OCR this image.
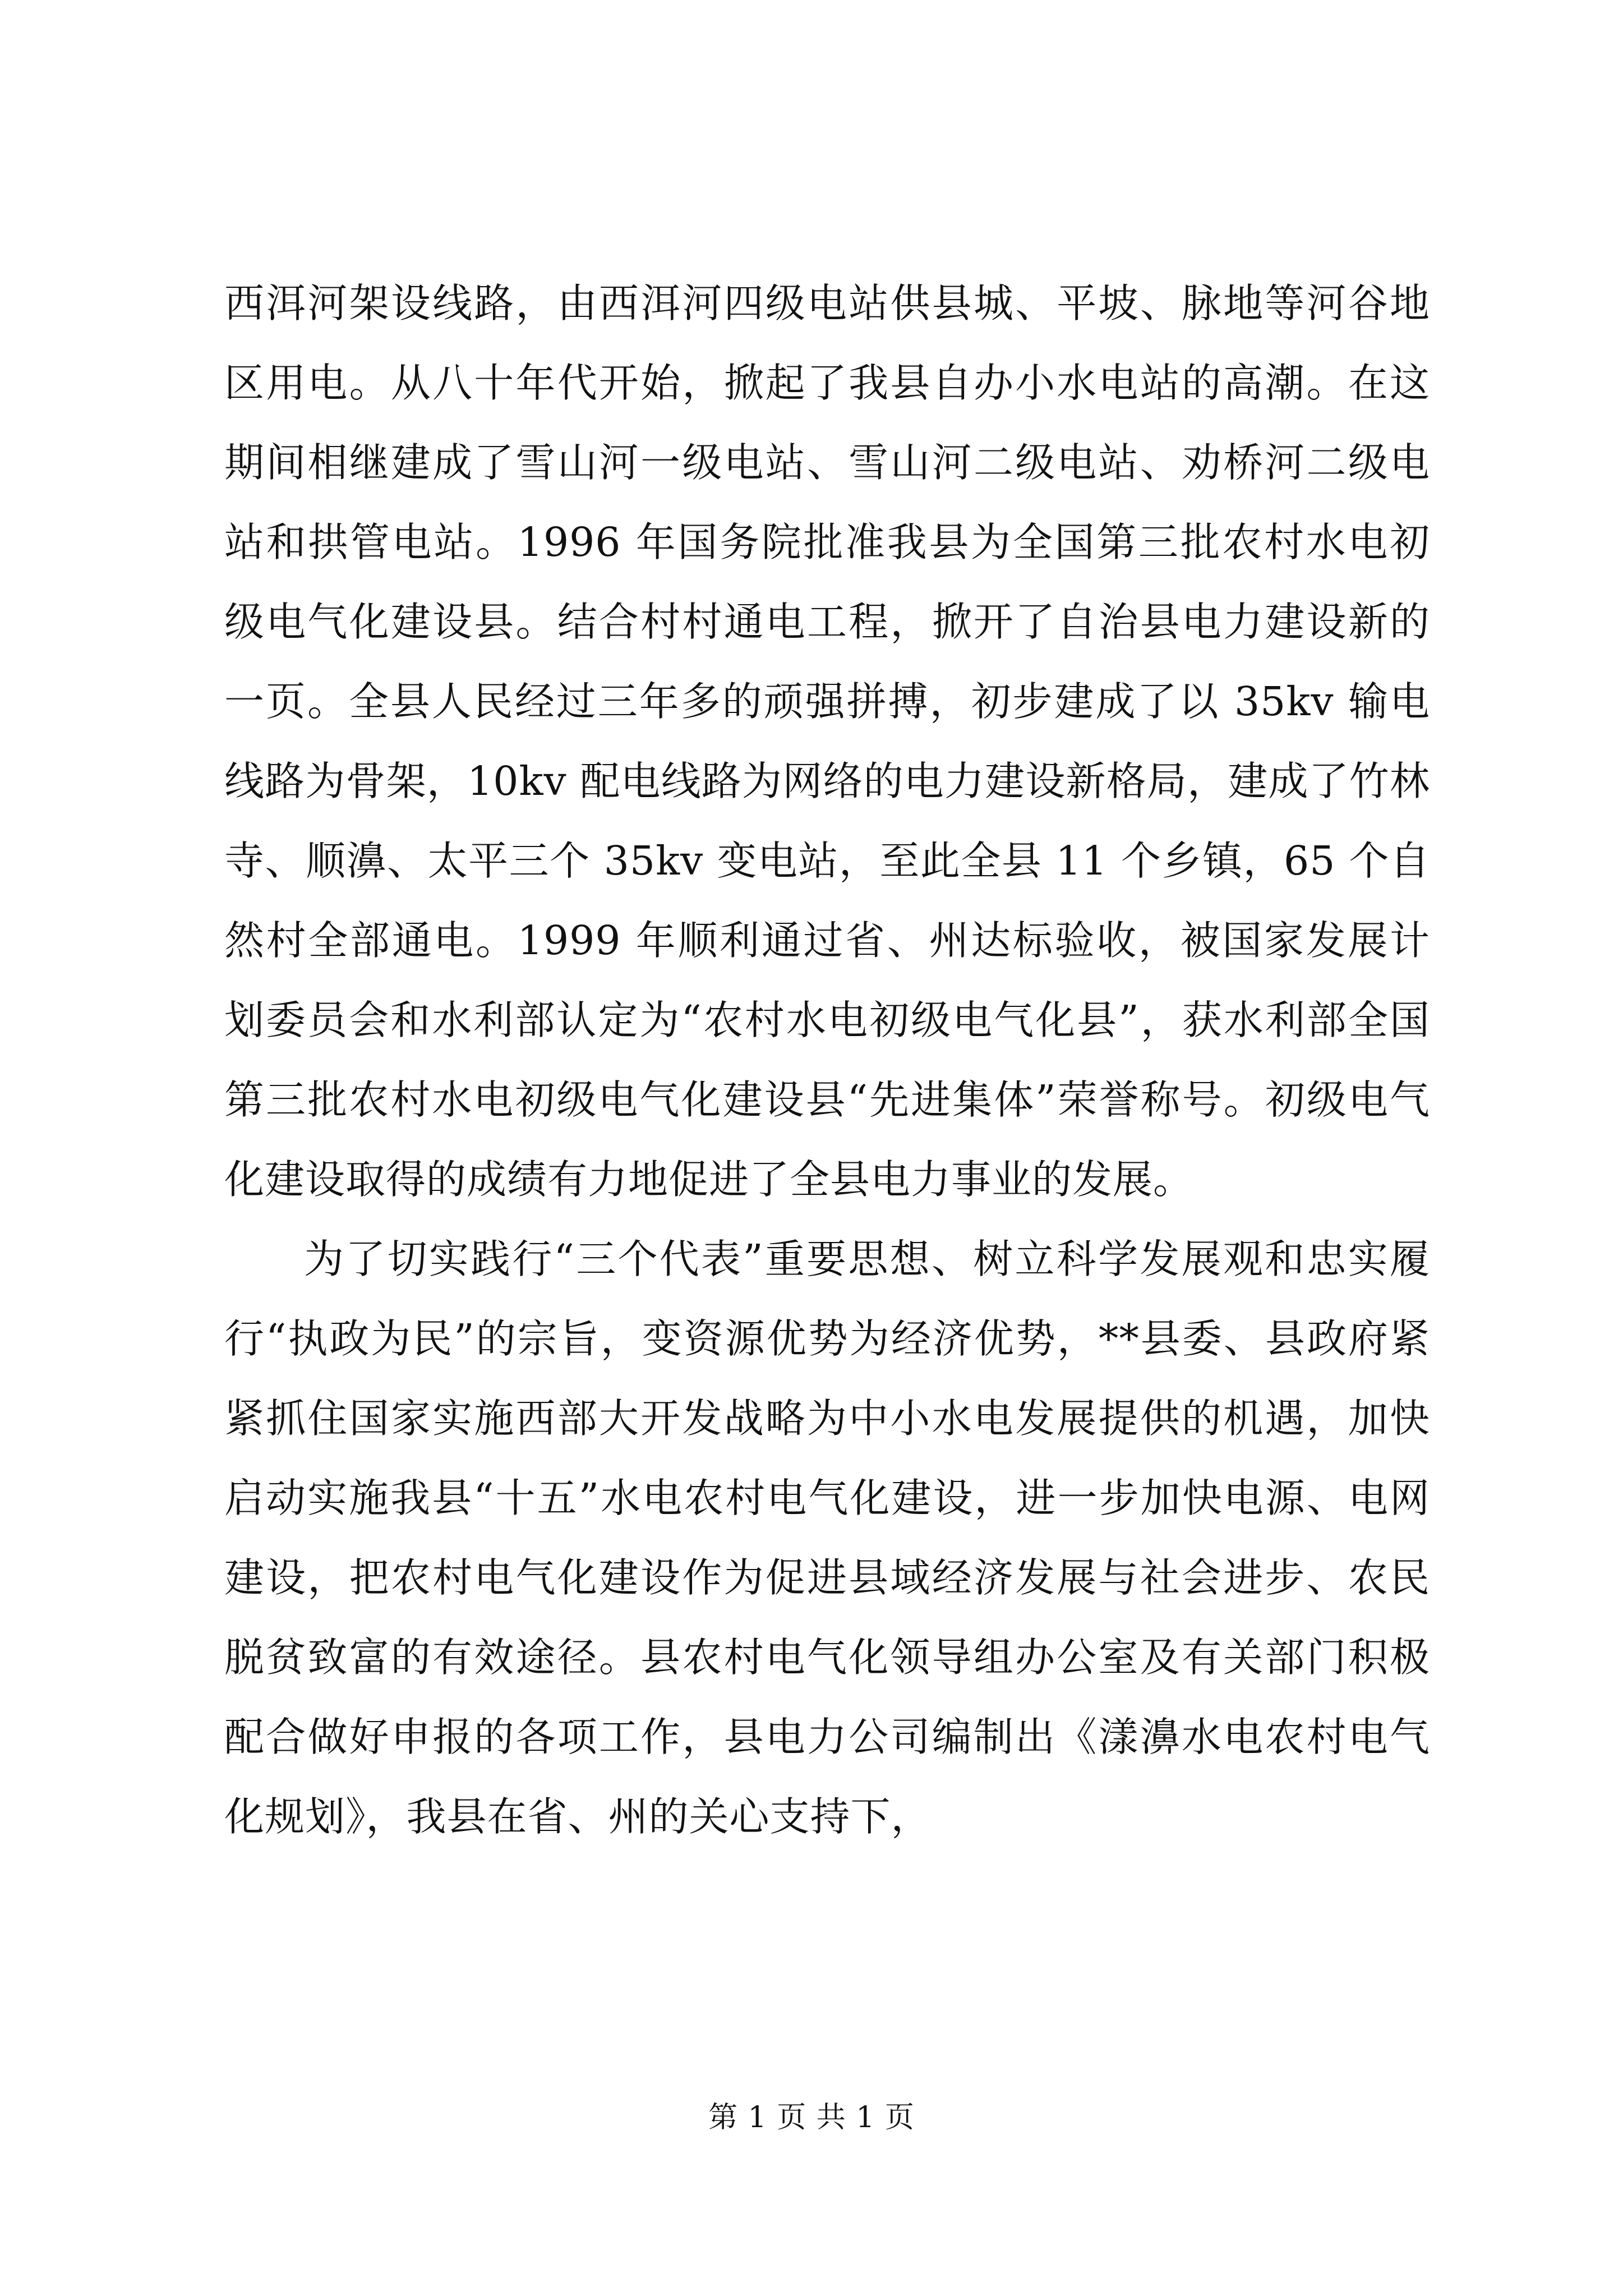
西洱河架设线路，由西洱河四级电站供县城、平坡、脉地等河谷地区用电。从八十年代开始，掀起了我县自办小水电站的高潮。在这期间相继建成了雪山河一级电站、雪山河二级电站、劝桥河二级电站和拱管电站。1996 年国务院批准我县为全国第三批农村水电初级电气化建设县。结合村村通电工程，掀开了自治县电力建设新的一页。全县人民经过三年多的顽强拼搏，初步建成了以 35kv 输电线路为骨架，10kv 配电线路为网络的电力建设新格局，建成了竹林寺、顺濞、太平三个 35kv 变电站，至此全县 11 个乡镇，65 个自然村全部通电。1999 年顺利通过省、州达标验收，被国家发展计划委员会和水利部认定为“农村水电初级电气化县”，获水利部全国第三批农村水电初级电气化建设县“先进集体”荣誉称号。初级电气化建设取得的成绩有力地促进了全县电力事业的发展。

为了切实践行“三个代表”重要思想、树立科学发展观和忠实履行“执政为民”的宗旨，变资源优势为经济优势，**县委、县政府紧紧抓住国家实施西部大开发战略为中小水电发展提供的机遇，加快启动实施我县“十五”水电农村电气化建设，进一步加快电源、电网建设，把农村电气化建设作为促进县域经济发展与社会进步、农民脱贫致富的有效途径。县农村电气化领导组办公室及有关部门积极配合做好申报的各项工作，县电力公司编制出《漾濞水电农村电气化规划》，我县在省、州的关心支持下，

第 1 页 共 1 页
